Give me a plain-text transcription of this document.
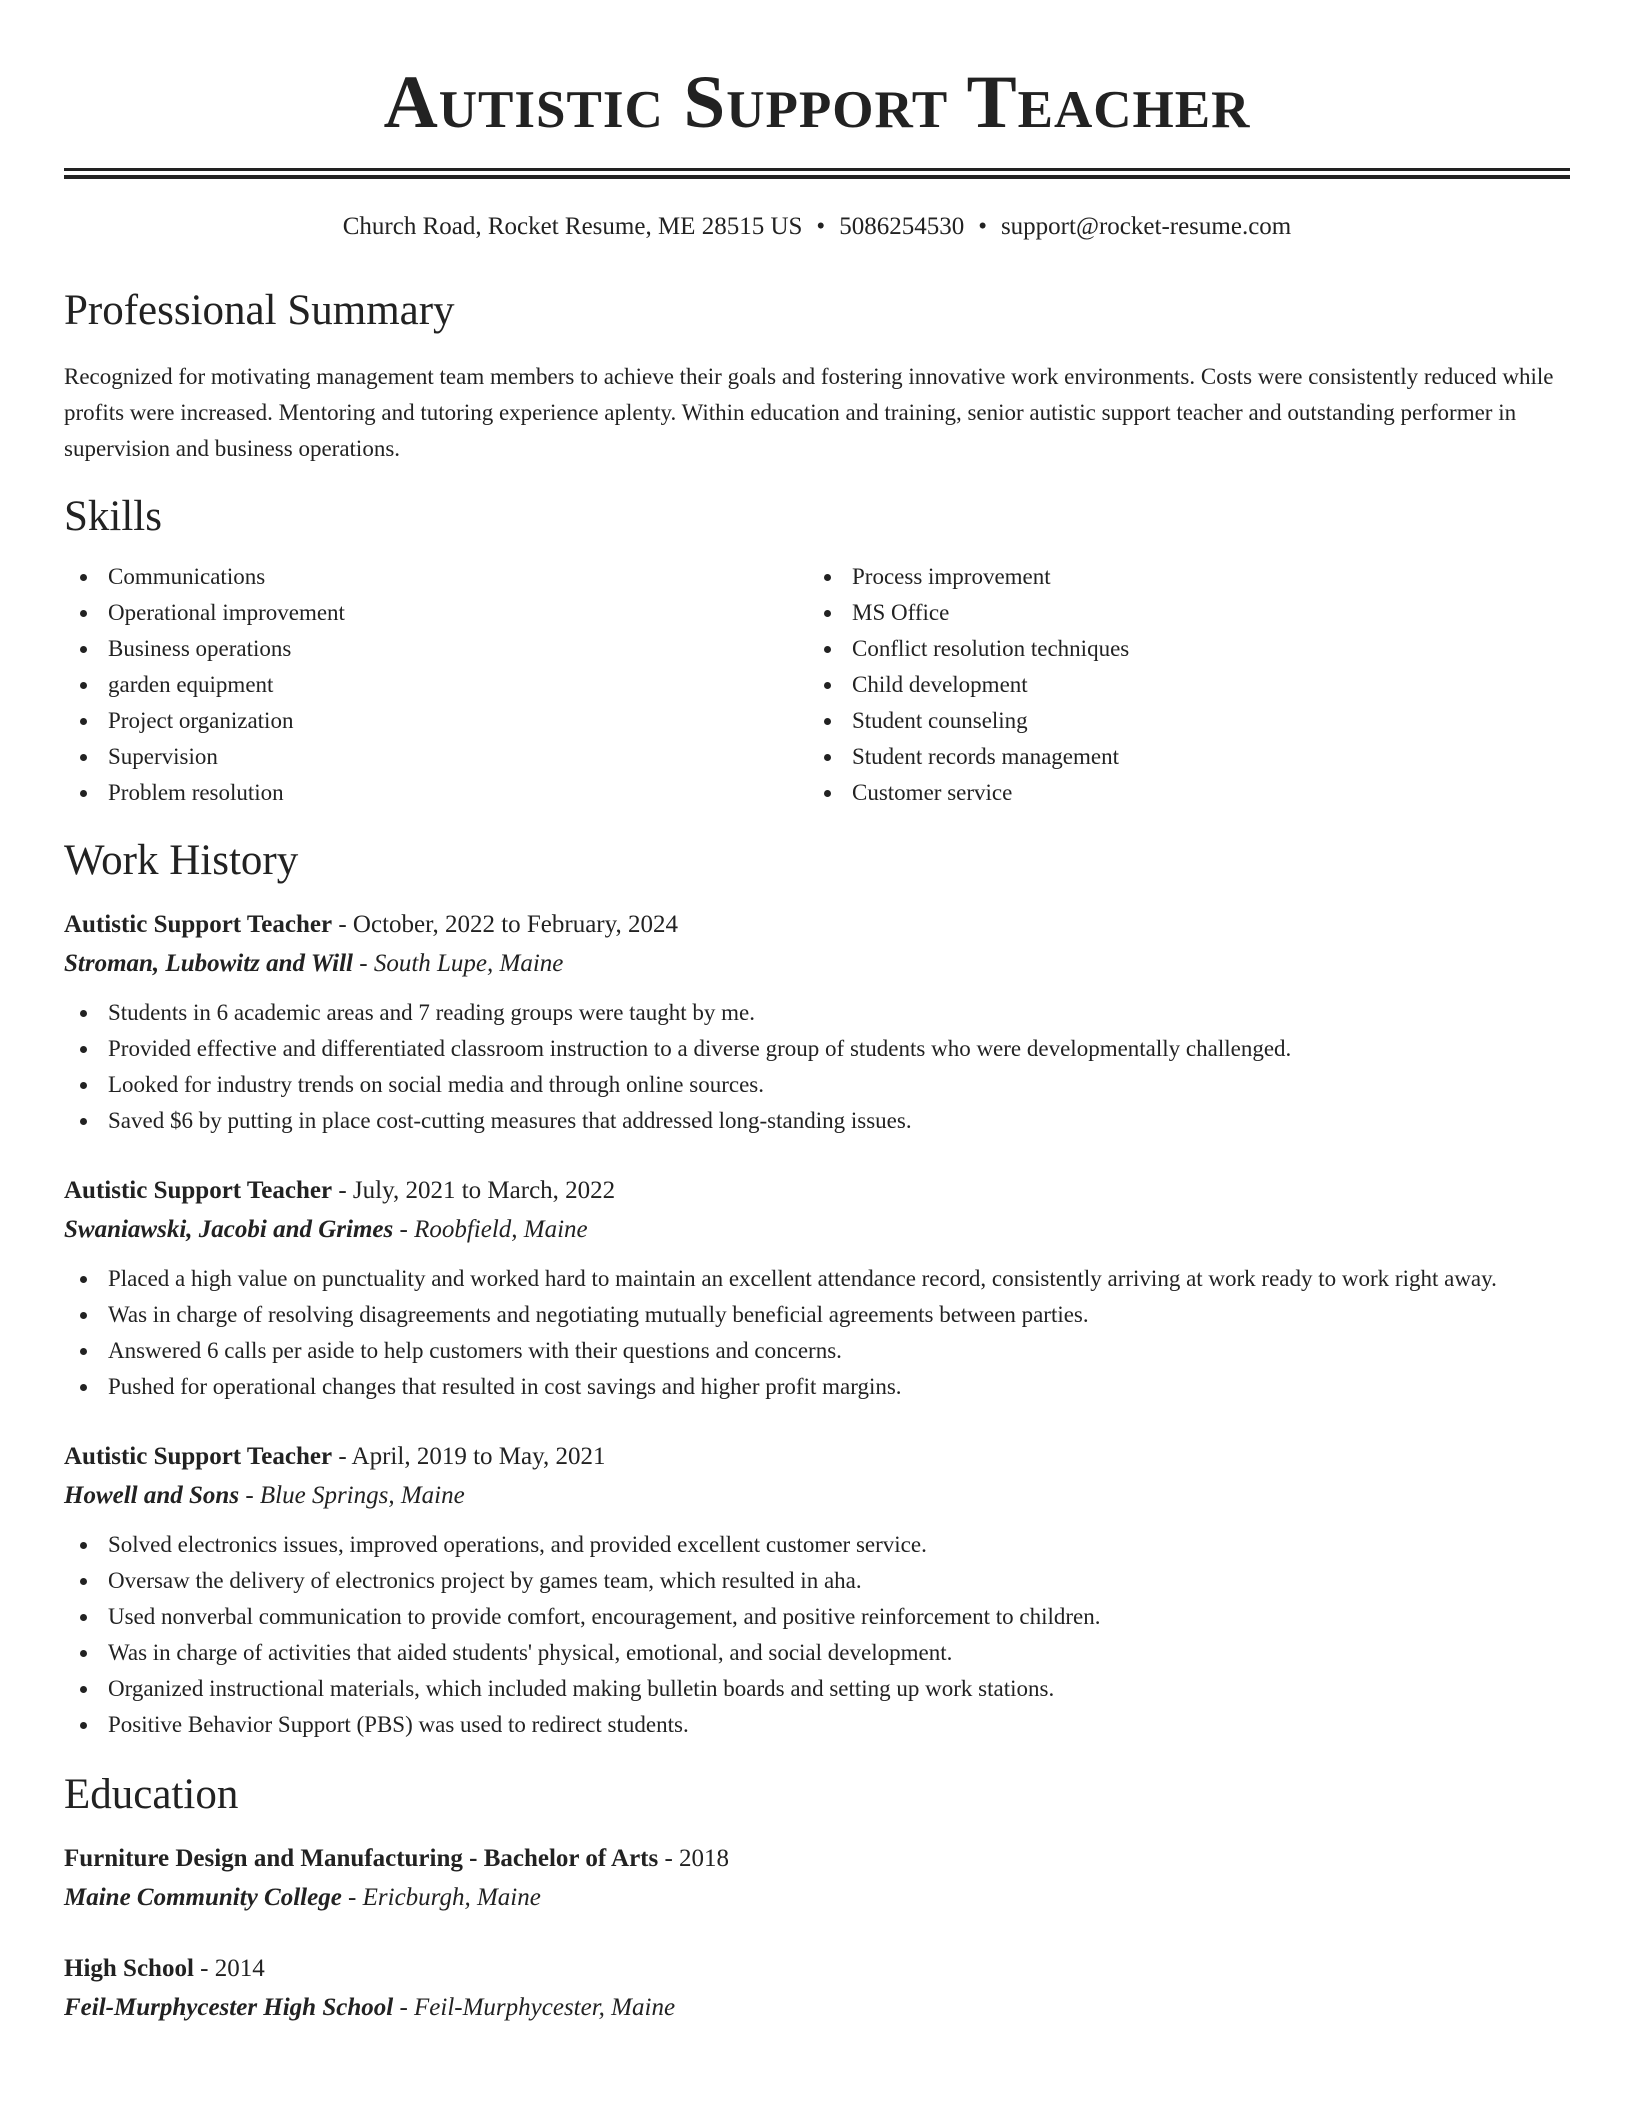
Autistic Support Teacher
Church Road, Rocket Resume, ME 28515 US • 5086254530 • support@rocket-resume.com
Professional Summary
Recognized for motivating management team members to achieve their goals and fostering innovative work environments. Costs were consistently reduced while profits were increased. Mentoring and tutoring experience aplenty. Within education and training, senior autistic support teacher and outstanding performer in supervision and business operations.
Skills
Communications
Operational improvement
Business operations
garden equipment
Project organization
Supervision
Problem resolution
Process improvement
MS Office
Conflict resolution techniques
Child development
Student counseling
Student records management
Customer service
Work History
Autistic Support Teacher - October, 2022 to February, 2024
Stroman, Lubowitz and Will - South Lupe, Maine
Students in 6 academic areas and 7 reading groups were taught by me.
Provided effective and differentiated classroom instruction to a diverse group of students who were developmentally challenged.
Looked for industry trends on social media and through online sources.
Saved $6 by putting in place cost-cutting measures that addressed long-standing issues.
Autistic Support Teacher - July, 2021 to March, 2022
Swaniawski, Jacobi and Grimes - Roobfield, Maine
Placed a high value on punctuality and worked hard to maintain an excellent attendance record, consistently arriving at work ready to work right away.
Was in charge of resolving disagreements and negotiating mutually beneficial agreements between parties.
Answered 6 calls per aside to help customers with their questions and concerns.
Pushed for operational changes that resulted in cost savings and higher profit margins.
Autistic Support Teacher - April, 2019 to May, 2021
Howell and Sons - Blue Springs, Maine
Solved electronics issues, improved operations, and provided excellent customer service.
Oversaw the delivery of electronics project by games team, which resulted in aha.
Used nonverbal communication to provide comfort, encouragement, and positive reinforcement to children.
Was in charge of activities that aided students' physical, emotional, and social development.
Organized instructional materials, which included making bulletin boards and setting up work stations.
Positive Behavior Support (PBS) was used to redirect students.
Education
Furniture Design and Manufacturing - Bachelor of Arts - 2018
Maine Community College - Ericburgh, Maine
High School - 2014
Feil-Murphycester High School - Feil-Murphycester, Maine
